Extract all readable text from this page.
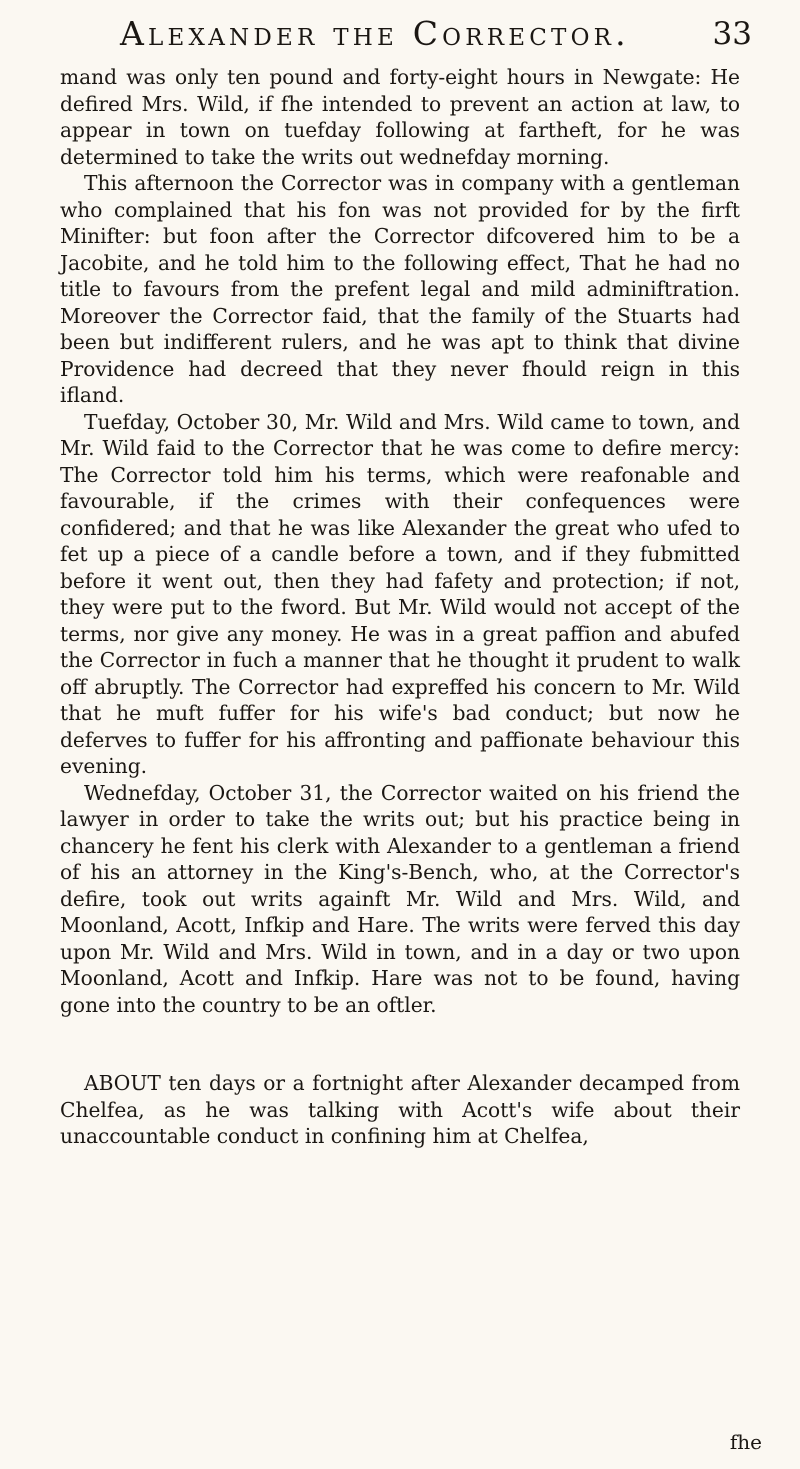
Alexander the Corrector.	33

mand was only ten pound and forty-eight hours in Newgate: He defired Mrs. Wild, if fhe intended to prevent an action at law, to appear in town on tuefday following at fartheft, for he was determined to take the writs out wednefday morning.

This afternoon the Corrector was in company with a gentleman who complained that his fon was not provided for by the firft Minifter: but foon after the Corrector difcovered him to be a Jacobite, and he told him to the following effect, That he had no title to favours from the prefent legal and mild adminiftration. Moreover the Corrector faid, that the family of the Stuarts had been but indifferent rulers, and he was apt to think that divine Providence had decreed that they never fhould reign in this ifland.

Tuefday, October 30, Mr. Wild and Mrs. Wild came to town, and Mr. Wild faid to the Corrector that he was come to defire mercy: The Corrector told him his terms, which were reafonable and favourable, if the crimes with their confequences were confidered; and that he was like Alexander the great who ufed to fet up a piece of a candle before a town, and if they fubmitted before it went out, then they had fafety and protection; if not, they were put to the fword. But Mr. Wild would not accept of the terms, nor give any money. He was in a great paffion and abufed the Corrector in fuch a manner that he thought it prudent to walk off abruptly. The Corrector had expreffed his concern to Mr. Wild that he muft fuffer for his wife's bad conduct; but now he deferves to fuffer for his affronting and paffionate behaviour this evening.

Wednefday, October 31, the Corrector waited on his friend the lawyer in order to take the writs out; but his practice being in chancery he fent his clerk with Alexander to a gentleman a friend of his an attorney in the King's-Bench, who, at the Corrector's defire, took out writs againft Mr. Wild and Mrs. Wild, and Moonland, Acott, Infkip and Hare. The writs were ferved this day upon Mr. Wild and Mrs. Wild in town, and in a day or two upon Moonland, Acott and Infkip. Hare was not to be found, having gone into the country to be an oftler.

ABOUT ten days or a fortnight after Alexander decamped from Chelfea, as he was talking with Acott's wife about their unaccountable conduct in confining him at Chelfea,

fhe
